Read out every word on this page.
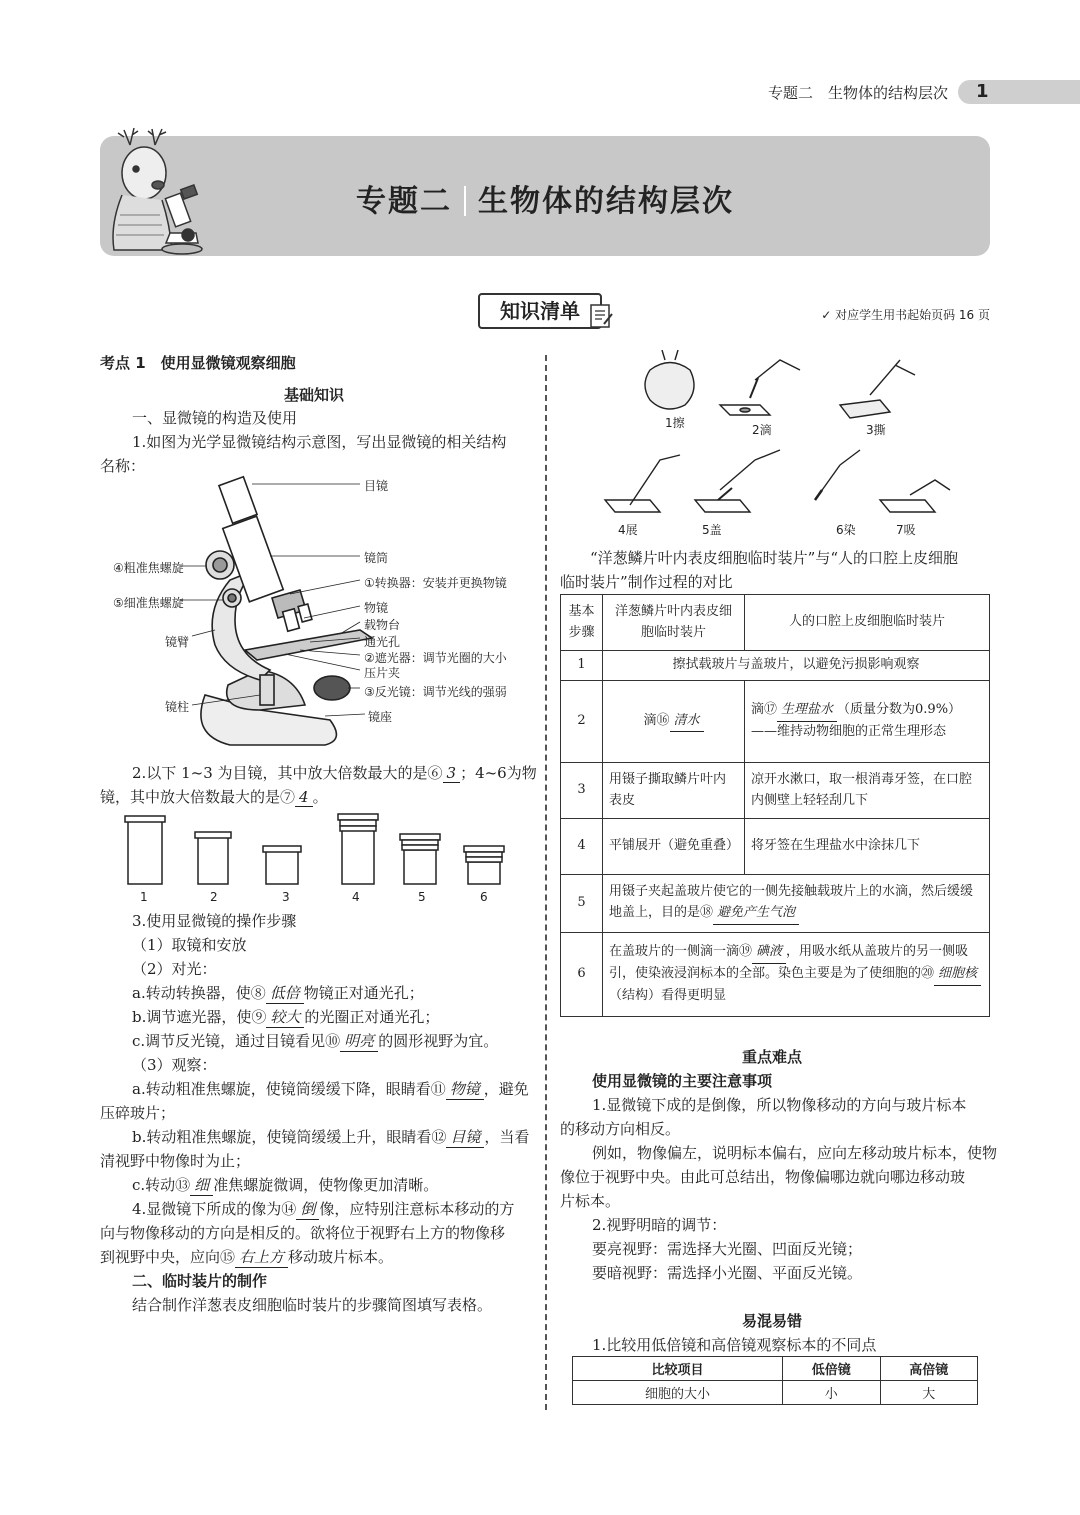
专题二　生物体的结构层次	1
专题二 生物体的结构层次
知识清单	✓ 对应学生用书起始页码 16 页
考点 1　使用显微镜观察细胞
基础知识
一、显微镜的构造及使用
1.如图为光学显微镜结构示意图，写出显微镜的相关结构
名称：
目镜
镜筒
①转换器：安装并更换物镜
物镜
载物台
通光孔
②遮光器：调节光圈的大小
压片夹
③反光镜：调节光线的强弱
镜座
④粗准焦螺旋
⑤细准焦螺旋
镜臂
镜柱
2.以下 1~3 为目镜，其中放大倍数最大的是⑥ 3 ；4~6为物
镜，其中放大倍数最大的是⑦ 4 。
1	2	3	4	5	6
3.使用显微镜的操作步骤
（1）取镜和安放
（2）对光：
a.转动转换器，使⑧ 低倍 物镜正对通光孔；
b.调节遮光器，使⑨ 较大 的光圈正对通光孔；
c.调节反光镜，通过目镜看见⑩ 明亮 的圆形视野为宜。
（3）观察：
a.转动粗准焦螺旋，使镜筒缓缓下降，眼睛看⑪ 物镜 ，避免
压碎玻片；
b.转动粗准焦螺旋，使镜筒缓缓上升，眼睛看⑫ 目镜 ，当看
清视野中物像时为止；
c.转动⑬ 细 准焦螺旋微调，使物像更加清晰。
4.显微镜下所成的像为⑭ 倒 像，应特别注意标本移动的方
向与物像移动的方向是相反的。欲将位于视野右上方的物像移
到视野中央，应向⑮ 右上方 移动玻片标本。
二、临时装片的制作
结合制作洋葱表皮细胞临时装片的步骤简图填写表格。
1擦	2滴	3撕
4展	5盖	6染	7吸
“洋葱鳞片叶内表皮细胞临时装片”与“人的口腔上皮细胞
临时装片”制作过程的对比
基本步骤	洋葱鳞片叶内表皮细胞临时装片	人的口腔上皮细胞临时装片
1	擦拭载玻片与盖玻片，以避免污损影响观察	
2	滴⑯ 清水	滴⑰ 生理盐水 （质量分数为0.9%）——维持动物细胞的正常生理形态
3	用镊子撕取鳞片叶内表皮	凉开水漱口，取一根消毒牙签，在口腔内侧壁上轻轻刮几下
4	平铺展开（避免重叠）	将牙签在生理盐水中涂抹几下
5	用镊子夹起盖玻片使它的一侧先接触载玻片上的水滴，然后缓缓地盖上，目的是⑱ 避免产生气泡	
6	在盖玻片的一侧滴一滴⑲ 碘液 ，用吸水纸从盖玻片的另一侧吸引，使染液浸润标本的全部。染色主要是为了使细胞的⑳ 细胞核（结构）看得更明显	
重点难点
使用显微镜的主要注意事项
1.显微镜下成的是倒像，所以物像移动的方向与玻片标本
的移动方向相反。
例如，物像偏左，说明标本偏右，应向左移动玻片标本，使物
像位于视野中央。由此可总结出，物像偏哪边就向哪边移动玻
片标本。
2.视野明暗的调节：
要亮视野：需选择大光圈、凹面反光镜；
要暗视野：需选择小光圈、平面反光镜。
易混易错
1.比较用低倍镜和高倍镜观察标本的不同点
比较项目	低倍镜	高倍镜
细胞的大小	小	大
